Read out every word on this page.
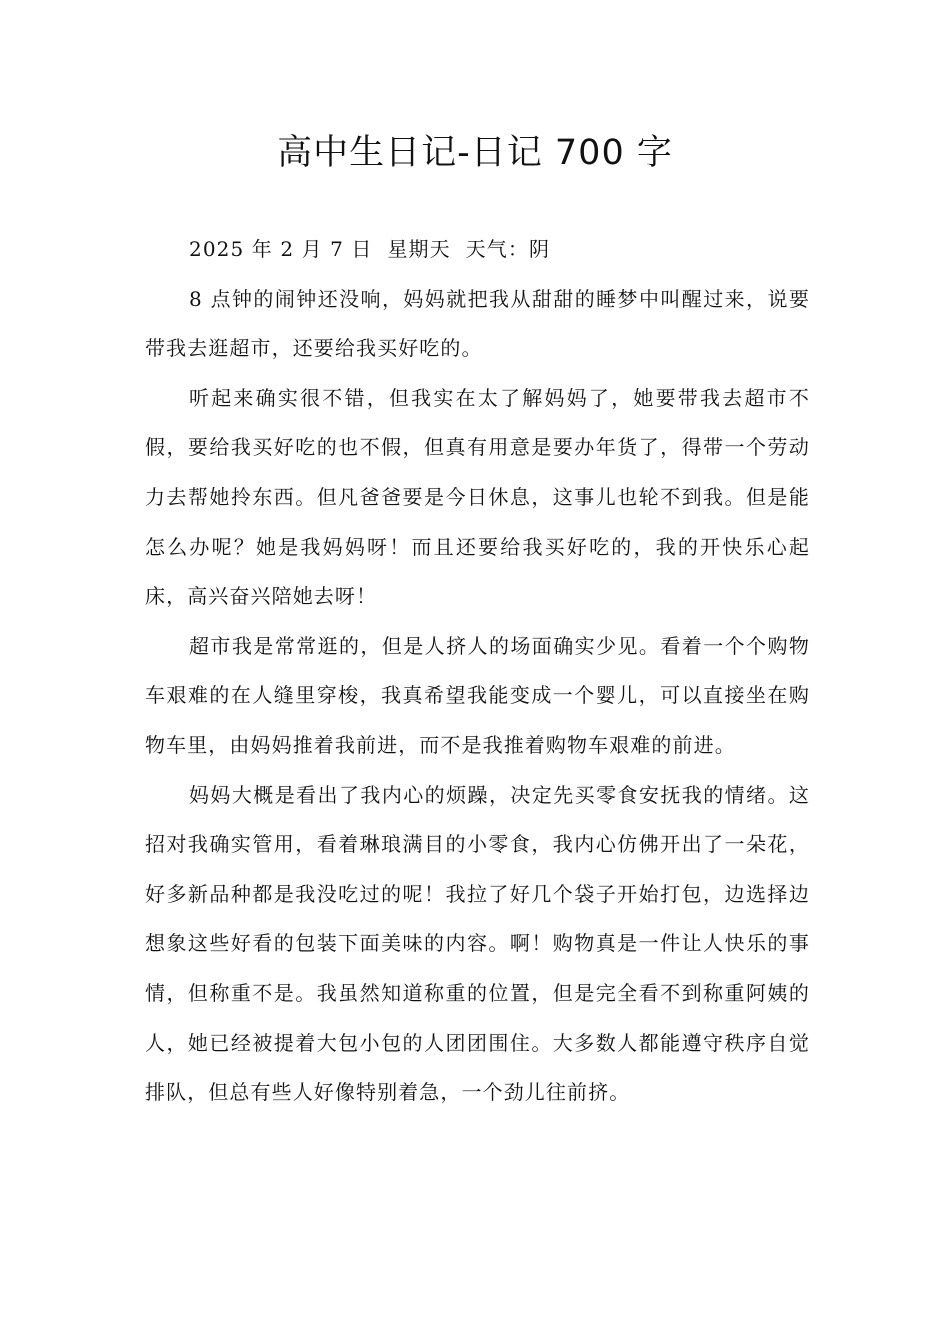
高中生日记-日记 700 字

2025 年 2 月 7 日  星期天  天气：阴

8 点钟的闹钟还没响，妈妈就把我从甜甜的睡梦中叫醒过来，说要带我去逛超市，还要给我买好吃的。

听起来确实很不错，但我实在太了解妈妈了，她要带我去超市不假，要给我买好吃的也不假，但真有用意是要办年货了，得带一个劳动力去帮她拎东西。但凡爸爸要是今日休息，这事儿也轮不到我。但是能怎么办呢？她是我妈妈呀！而且还要给我买好吃的，我的开快乐心起床，高兴奋兴陪她去呀！

超市我是常常逛的，但是人挤人的场面确实少见。看着一个个购物车艰难的在人缝里穿梭，我真希望我能变成一个婴儿，可以直接坐在购物车里，由妈妈推着我前进，而不是我推着购物车艰难的前进。

妈妈大概是看出了我内心的烦躁，决定先买零食安抚我的情绪。这招对我确实管用，看着琳琅满目的小零食，我内心仿佛开出了一朵花，好多新品种都是我没吃过的呢！我拉了好几个袋子开始打包，边选择边想象这些好看的包装下面美味的内容。啊！购物真是一件让人快乐的事情，但称重不是。我虽然知道称重的位置，但是完全看不到称重阿姨的人，她已经被提着大包小包的人团团围住。大多数人都能遵守秩序自觉排队，但总有些人好像特别着急，一个劲儿往前挤。
